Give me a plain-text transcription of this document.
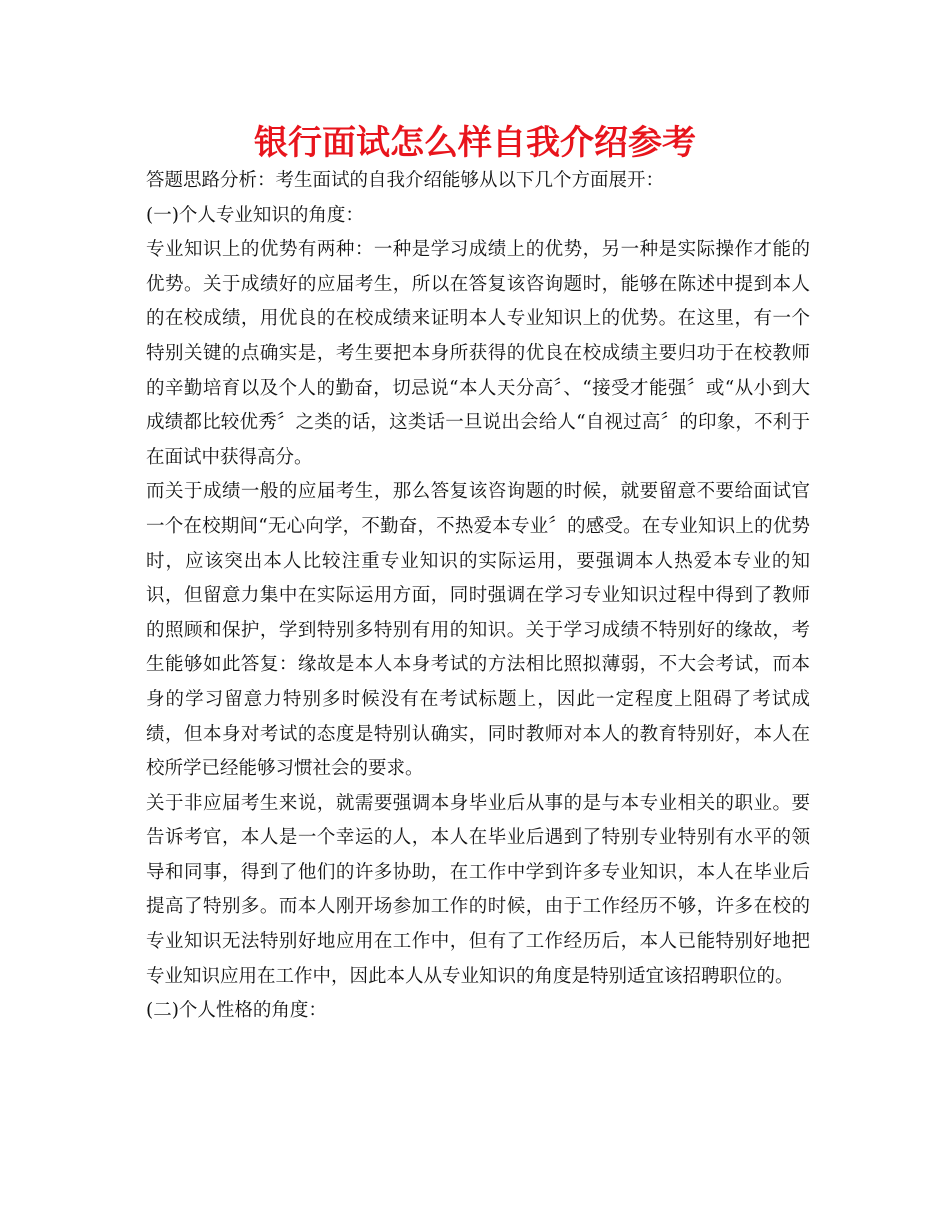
银行面试怎么样自我介绍参考

答题思路分析：考生面试的自我介绍能够从以下几个方面展开：

(一)个人专业知识的角度：

专业知识上的优势有两种：一种是学习成绩上的优势，另一种是实际操作才能的优势。关于成绩好的应届考生，所以在答复该咨询题时，能够在陈述中提到本人的在校成绩，用优良的在校成绩来证明本人专业知识上的优势。在这里，有一个特别关键的点确实是，考生要把本身所获得的优良在校成绩主要归功于在校教师的辛勤培育以及个人的勤奋，切忌说“本人天分高〞、“接受才能强〞或“从小到大成绩都比较优秀〞之类的话，这类话一旦说出会给人“自视过高〞的印象，不利于在面试中获得高分。

而关于成绩一般的应届考生，那么答复该咨询题的时候，就要留意不要给面试官一个在校期间“无心向学，不勤奋，不热爱本专业〞的感受。在专业知识上的优势时，应该突出本人比较注重专业知识的实际运用，要强调本人热爱本专业的知识，但留意力集中在实际运用方面，同时强调在学习专业知识过程中得到了教师的照顾和保护，学到特别多特别有用的知识。关于学习成绩不特别好的缘故，考生能够如此答复：缘故是本人本身考试的方法相比照拟薄弱，不大会考试，而本身的学习留意力特别多时候没有在考试标题上，因此一定程度上阻碍了考试成绩，但本身对考试的态度是特别认确实，同时教师对本人的教育特别好，本人在校所学已经能够习惯社会的要求。

关于非应届考生来说，就需要强调本身毕业后从事的是与本专业相关的职业。要告诉考官，本人是一个幸运的人，本人在毕业后遇到了特别专业特别有水平的领导和同事，得到了他们的许多协助，在工作中学到许多专业知识，本人在毕业后提高了特别多。而本人刚开场参加工作的时候，由于工作经历不够，许多在校的专业知识无法特别好地应用在工作中，但有了工作经历后，本人已能特别好地把专业知识应用在工作中，因此本人从专业知识的角度是特别适宜该招聘职位的。

(二)个人性格的角度：
